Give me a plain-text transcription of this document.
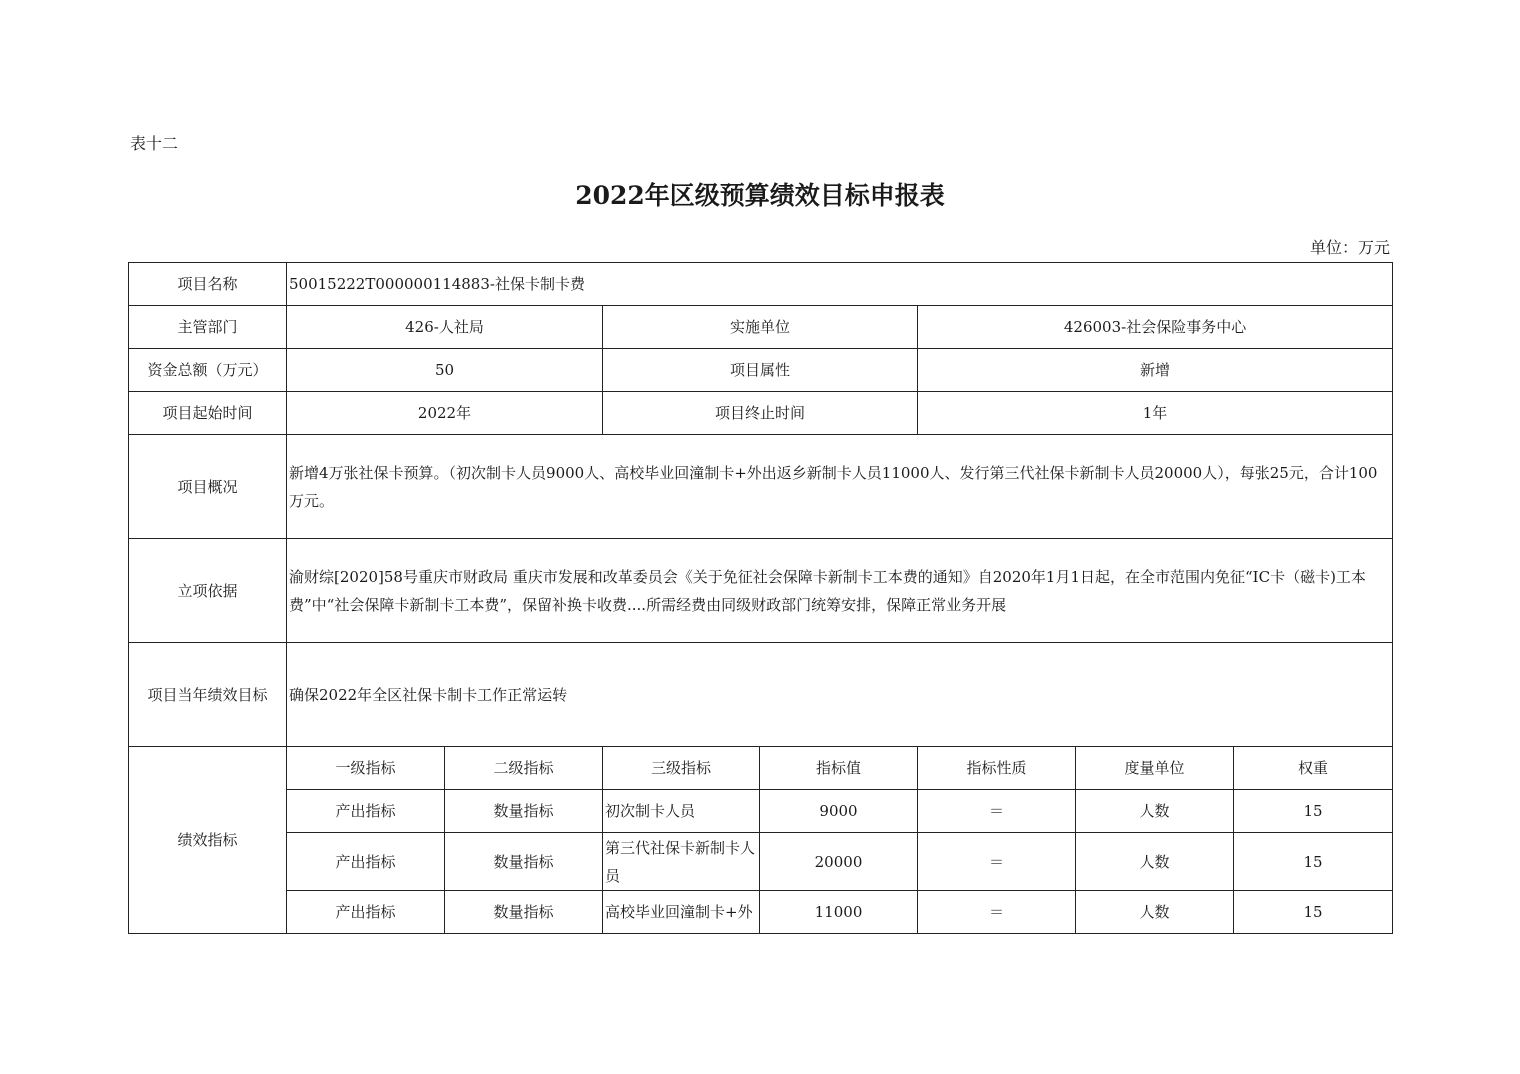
表十二
2022年区级预算绩效目标申报表
单位：万元
项目名称	50015222T000000114883-社保卡制卡费						
主管部门	426-人社局		实施单位		426003-社会保险事务中心		
资金总额（万元）	50		项目属性		新增		
项目起始时间	2022年		项目终止时间		1年		
项目概况	新增4万张社保卡预算。（初次制卡人员9000人、高校毕业回潼制卡+外出返乡新制卡人员11000人、发行第三代社保卡新制卡人员20000人），每张25元，合计100万元。						

立项依据	渝财综[2020]58号重庆市财政局 重庆市发展和改革委员会《关于免征社会保障卡新制卡工本费的通知》自2020年1月1日起，在全市范围内免征“IC卡（磁卡)工本费”中“社会保障卡新制卡工本费”，保留补换卡收费....所需经费由同级财政部门统筹安排，保障正常业务开展						

项目当年绩效目标	确保2022年全区社保卡制卡工作正常运转						
绩效指标	一级指标	二级指标	三级指标	指标值	指标性质	度量单位	权重
	产出指标	数量指标	初次制卡人员	9000	＝	人数	15
	产出指标	数量指标	第三代社保卡新制卡人员	20000	＝	人数	15
	产出指标	数量指标	高校毕业回潼制卡+外	11000	＝	人数	15
